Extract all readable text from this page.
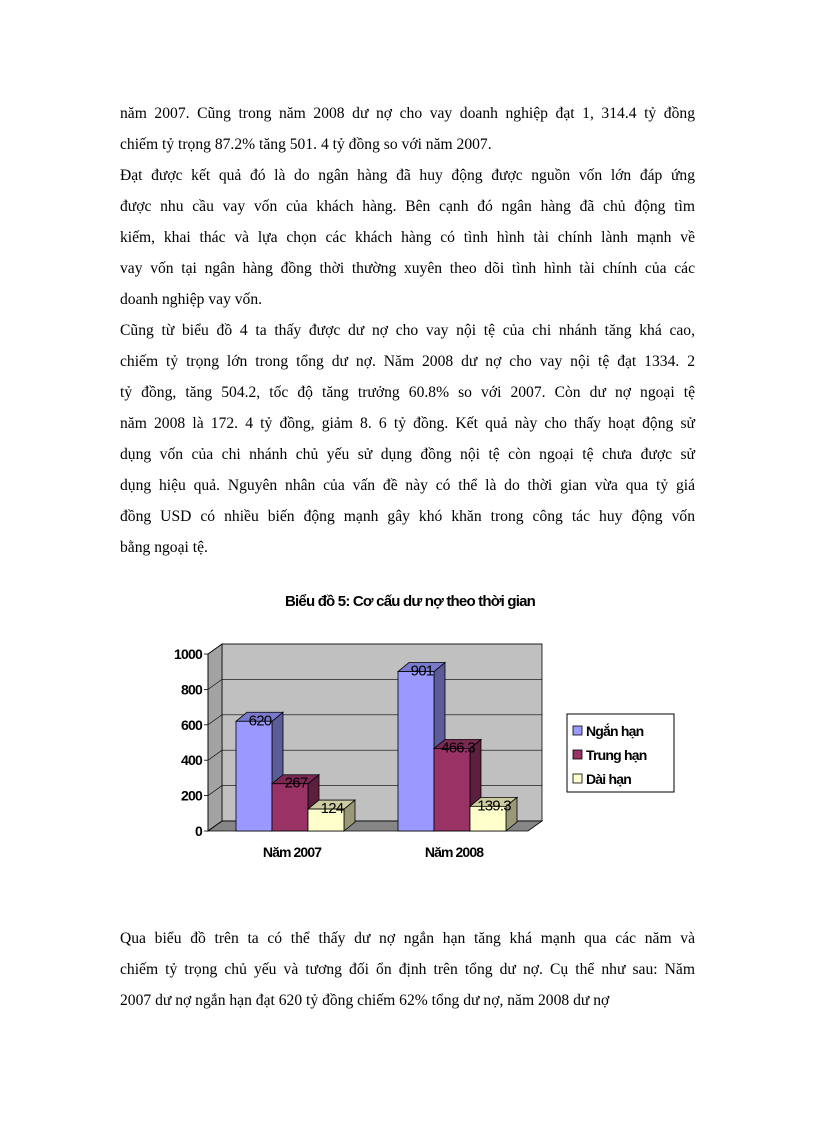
năm 2007. Cũng trong năm 2008 dư nợ cho vay doanh nghiệp đạt 1, 314.4 tỷ đồng
chiếm tỷ trọng 87.2% tăng 501. 4 tỷ đồng so với năm 2007.
Đạt được kết quả đó là do ngân hàng đã huy động được nguồn vốn lớn đáp ứng
được nhu cầu vay vốn của khách hàng. Bên cạnh đó ngân hàng đã chủ động tìm
kiếm, khai thác và lựa chọn các khách hàng có tình hình tài chính lành mạnh về
vay vốn tại ngân hàng đồng thời thường xuyên theo dõi tình hình tài chính của các
doanh nghiệp vay vốn.
Cũng từ biểu đồ 4 ta thấy được dư nợ cho vay nội tệ của chi nhánh tăng khá cao,
chiếm tỷ trọng lớn trong tổng dư nợ. Năm 2008 dư nợ cho vay nội tệ đạt 1334. 2
tỷ đồng, tăng 504.2, tốc độ tăng trưởng 60.8% so với 2007. Còn dư nợ ngoại tệ
năm 2008 là 172. 4 tỷ đồng, giảm 8. 6 tỷ đồng. Kết quả này cho thấy hoạt động sử
dụng vốn của chi nhánh chủ yếu sử dụng đồng nội tệ còn ngoại tệ chưa được sử
dụng hiệu quả. Nguyên nhân của vấn đề này có thể là do thời gian vừa qua tỷ giá
đồng USD có nhiều biến động mạnh gây khó khăn trong công tác huy động vốn
bằng ngoại tệ.
Biểu đồ 5: Cơ cấu dư nợ theo thời gian
0
200
400
600
800
1000
620
267
124
Năm 2007
901
466.3
139.3
Năm 2008
Ngắn hạn
Trung hạn
Dài hạn
Qua biểu đồ trên ta có thể thấy dư nợ ngắn hạn tăng khá mạnh qua các năm và
chiếm tỷ trọng chủ yếu và tương đối ổn định trên tổng dư nợ. Cụ thể như sau: Năm
2007 dư nợ ngắn hạn đạt 620 tỷ đồng chiếm 62% tổng dư nợ, năm 2008 dư nợ
